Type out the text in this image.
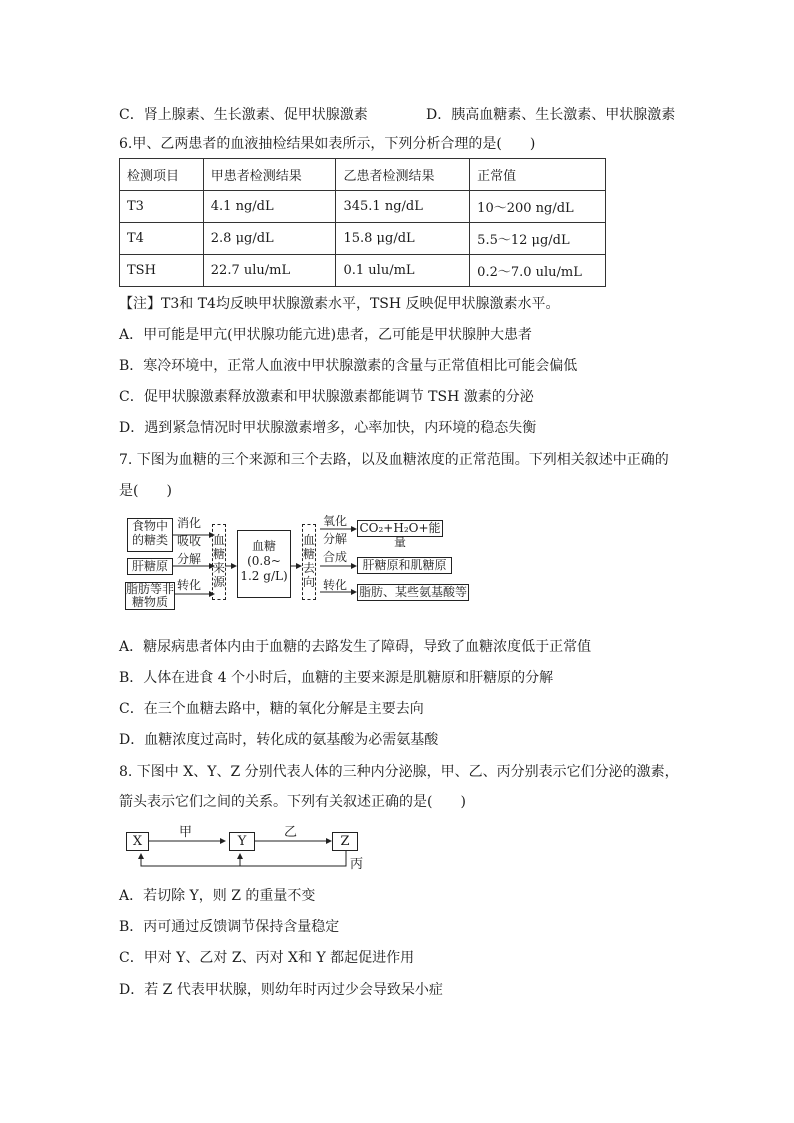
C．肾上腺素、生长激素、促甲状腺激素	D．胰高血糖素、生长激素、甲状腺激素
6.甲、乙两患者的血液抽检结果如表所示，下列分析合理的是(　　)
检测项目	甲患者检测结果	乙患者检测结果	正常值
T3	4.1 ng/dL	345.1 ng/dL	10～200 ng/dL
T4	2.8 μg/dL	15.8 μg/dL	5.5～12 μg/dL
TSH	22.7 ulu/mL	0.1 ulu/mL	0.2～7.0 ulu/mL
【注】T3和 T4均反映甲状腺激素水平，TSH 反映促甲状腺激素水平。
A．甲可能是甲亢(甲状腺功能亢进)患者，乙可能是甲状腺肿大患者
B．寒冷环境中，正常人血液中甲状腺激素的含量与正常值相比可能会偏低
C．促甲状腺激素释放激素和甲状腺激素都能调节 TSH 激素的分泌
D．遇到紧急情况时甲状腺激素增多，心率加快，内环境的稳态失衡
7. 下图为血糖的三个来源和三个去路，以及血糖浓度的正常范围。下列相关叙述中正确的
是(　　)
食物中的糖类
肝糖原
脂肪等非糖物质
消化
吸收
分解
转化
血糖来源
血糖
(0.8~
1.2 g/L)
血糖去向
氧化
分解
合成
转化
CO₂+H₂O+能量
肝糖原和肌糖原
脂肪、某些氨基酸等
A．糖尿病患者体内由于血糖的去路发生了障碍，导致了血糖浓度低于正常值
B．人体在进食 4 个小时后，血糖的主要来源是肌糖原和肝糖原的分解
C．在三个血糖去路中，糖的氧化分解是主要去向
D．血糖浓度过高时，转化成的氨基酸为必需氨基酸
8. 下图中 X、Y、Z 分别代表人体的三种内分泌腺，甲、乙、丙分别表示它们分泌的激素，
箭头表示它们之间的关系。下列有关叙述正确的是(　　)
X	Y	Z
甲	乙
丙
A．若切除 Y，则 Z 的重量不变
B．丙可通过反馈调节保持含量稳定
C．甲对 Y、乙对 Z、丙对 X和 Y 都起促进作用
D．若 Z 代表甲状腺，则幼年时丙过少会导致呆小症
